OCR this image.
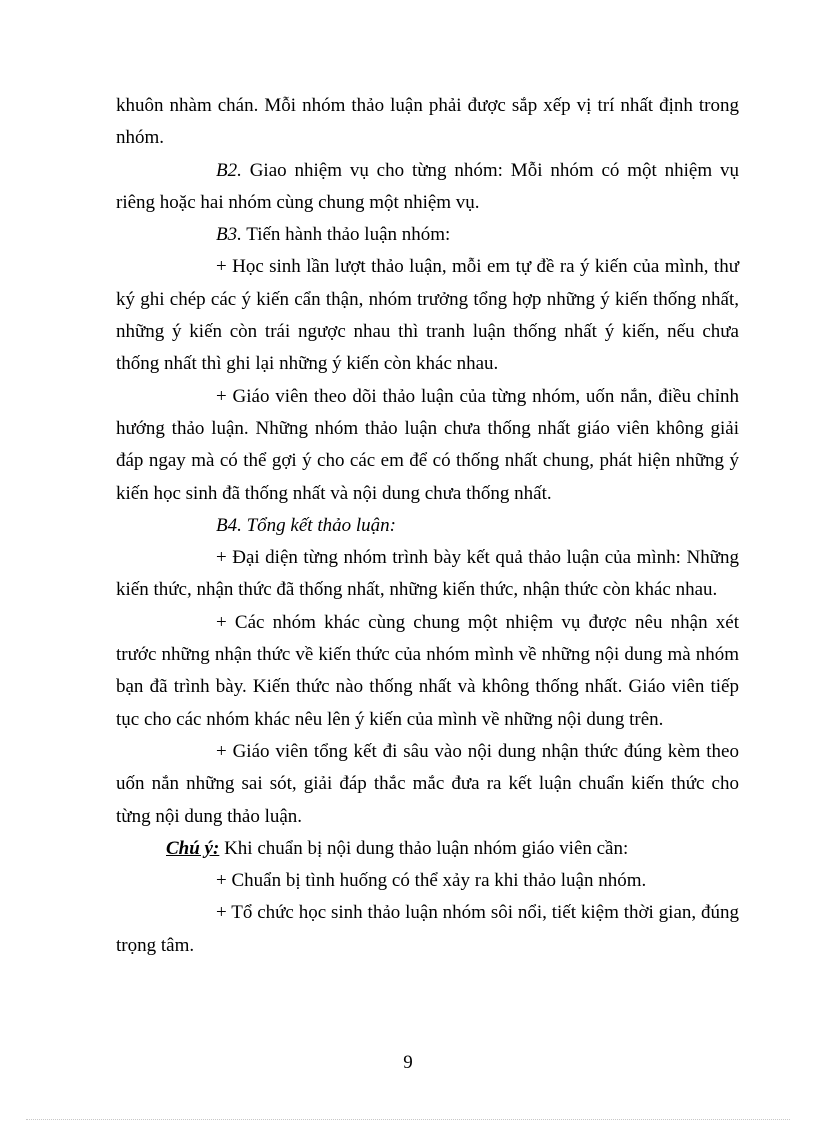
khuôn nhàm chán. Mỗi nhóm thảo luận phải được sắp xếp vị trí nhất định trong nhóm.

B2. Giao nhiệm vụ cho từng nhóm: Mỗi nhóm có một nhiệm vụ riêng hoặc hai nhóm cùng chung một nhiệm vụ.

B3. Tiến hành thảo luận nhóm:

+ Học sinh lần lượt thảo luận, mỗi em tự đề ra ý kiến của mình, thư ký ghi chép các ý kiến cẩn thận, nhóm trưởng tổng hợp những ý kiến thống nhất, những ý kiến còn trái ngược nhau thì tranh luận thống nhất ý kiến, nếu chưa thống nhất thì ghi lại những ý kiến còn khác nhau.

+ Giáo viên theo dõi thảo luận của từng nhóm, uốn nắn, điều chỉnh hướng thảo luận. Những nhóm thảo luận chưa thống nhất giáo viên không giải đáp ngay mà có thể gợi ý cho các em để có thống nhất chung, phát hiện những ý kiến học sinh đã thống nhất và nội dung chưa thống nhất.

B4. Tổng kết thảo luận:

+ Đại diện từng nhóm trình bày kết quả thảo luận của mình: Những kiến thức, nhận thức đã thống nhất, những kiến thức, nhận thức còn khác nhau.

+ Các nhóm khác cùng chung một nhiệm vụ được nêu nhận xét trước những nhận thức về kiến thức của nhóm mình về những nội dung mà nhóm bạn đã trình bày. Kiến thức nào thống nhất và không thống nhất. Giáo viên tiếp tục cho các nhóm khác nêu lên ý kiến của mình về những nội dung trên.

+ Giáo viên tổng kết đi sâu vào nội dung nhận thức đúng kèm theo uốn nắn những sai sót, giải đáp thắc mắc đưa ra kết luận chuẩn kiến thức cho từng nội dung thảo luận.

Chú ý: Khi chuẩn bị nội dung thảo luận nhóm giáo viên cần:

+ Chuẩn bị tình huống có thể xảy ra khi thảo luận nhóm.

+ Tổ chức học sinh thảo luận nhóm sôi nổi, tiết kiệm thời gian, đúng trọng tâm.

9
